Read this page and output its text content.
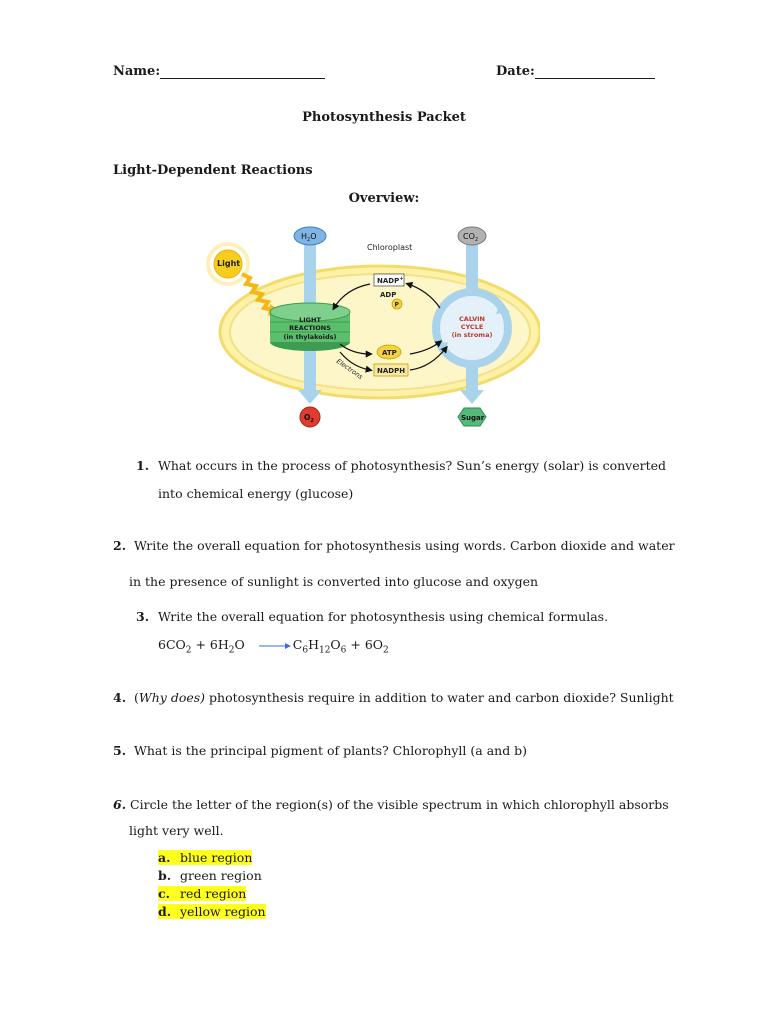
Name:	Date:
Photosynthesis Packet
Light-Dependent Reactions
Overview:
Chloroplast
$H_2O$	$CO_2$
Light
LIGHT
REACTIONS
(in thylakoids)
CALVIN
CYCLE
(in stroma)
NADP+
ADP
P
ATP
NADPH
Electrons
$O_2$	Sugar
1. What occurs in the process of photosynthesis? Sun’s energy (solar) is converted
into chemical energy (glucose)
2. Write the overall equation for photosynthesis using words. Carbon dioxide and water
in the presence of sunlight is converted into glucose and oxygen
3. Write the overall equation for photosynthesis using chemical formulas.
$6CO_2 + 6H_2O \to C_6H_{12}O_6 + 6O_2$
4. (Why does) photosynthesis require in addition to water and carbon dioxide? Sunlight
5. What is the principal pigment of plants? Chlorophyll (a and b)
6. Circle the letter of the region(s) of the visible spectrum in which chlorophyll absorbs
light very well.
a. blue region
b. green region
c. red region
d. yellow region
